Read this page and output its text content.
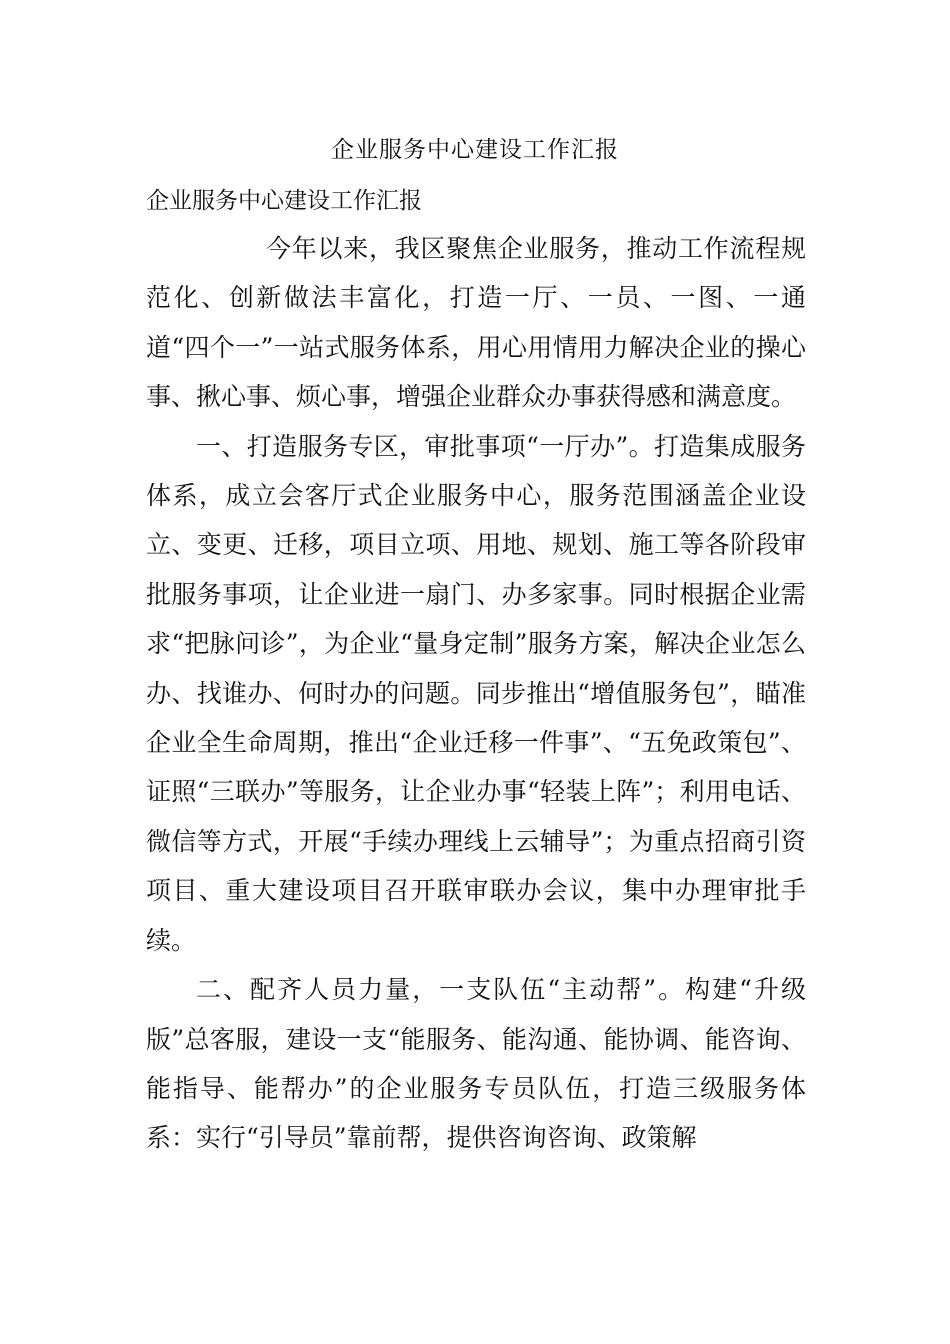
企业服务中心建设工作汇报
企业服务中心建设工作汇报

今年以来，我区聚焦企业服务，推动工作流程规范化、创新做法丰富化，打造一厅、一员、一图、一通道“四个一”一站式服务体系，用心用情用力解决企业的操心事、揪心事、烦心事，增强企业群众办事获得感和满意度。

一、打造服务专区，审批事项“一厅办”。打造集成服务体系，成立会客厅式企业服务中心，服务范围涵盖企业设立、变更、迁移，项目立项、用地、规划、施工等各阶段审批服务事项，让企业进一扇门、办多家事。同时根据企业需求“把脉问诊”，为企业“量身定制”服务方案，解决企业怎么办、找谁办、何时办的问题。同步推出“增值服务包”，瞄准企业全生命周期，推出“企业迁移一件事”、“五免政策包”、证照“三联办”等服务，让企业办事“轻装上阵”；利用电话、微信等方式，开展“手续办理线上云辅导”；为重点招商引资项目、重大建设项目召开联审联办会议，集中办理审批手续。

二、配齐人员力量，一支队伍“主动帮”。构建“升级版”总客服，建设一支“能服务、能沟通、能协调、能咨询、能指导、能帮办”的企业服务专员队伍，打造三级服务体系：实行“引导员”靠前帮，提供咨询咨询、政策解
